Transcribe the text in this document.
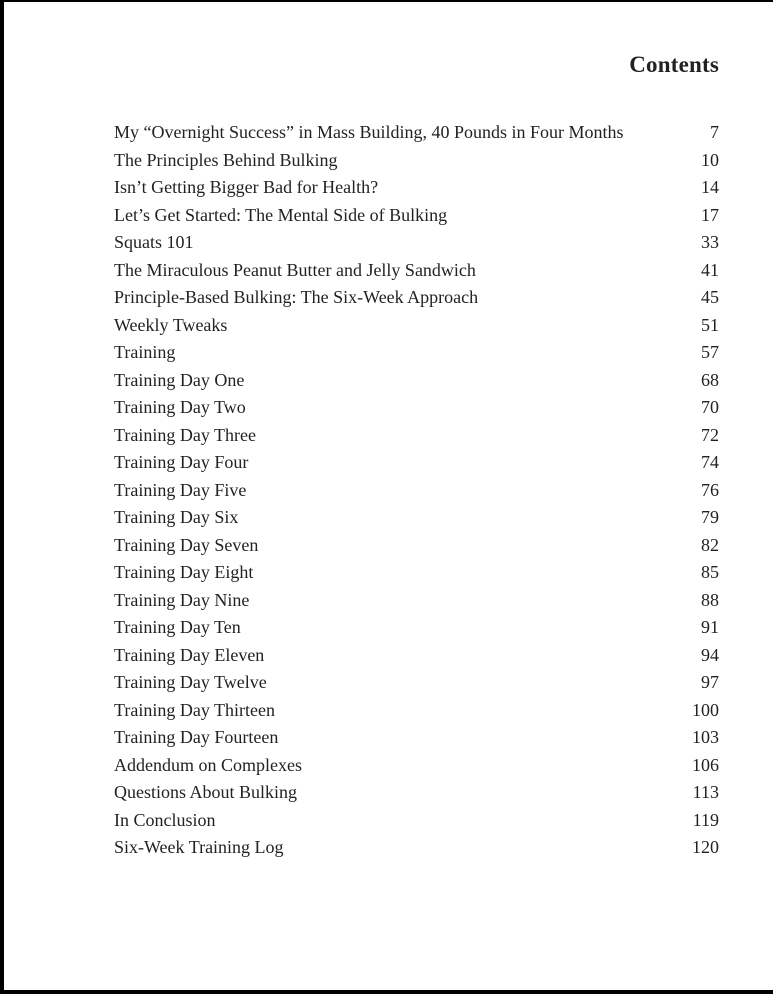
Contents
My “Overnight Success” in Mass Building, 40 Pounds in Four Months	7
The Principles Behind Bulking	10
Isn’t Getting Bigger Bad for Health?	14
Let’s Get Started: The Mental Side of Bulking	17
Squats 101	33
The Miraculous Peanut Butter and Jelly Sandwich	41
Principle-Based Bulking: The Six-Week Approach	45
Weekly Tweaks	51
Training	57
Training Day One	68
Training Day Two	70
Training Day Three	72
Training Day Four	74
Training Day Five	76
Training Day Six	79
Training Day Seven	82
Training Day Eight	85
Training Day Nine	88
Training Day Ten	91
Training Day Eleven	94
Training Day Twelve	97
Training Day Thirteen	100
Training Day Fourteen	103
Addendum on Complexes	106
Questions About Bulking	113
In Conclusion	119
Six-Week Training Log	120
